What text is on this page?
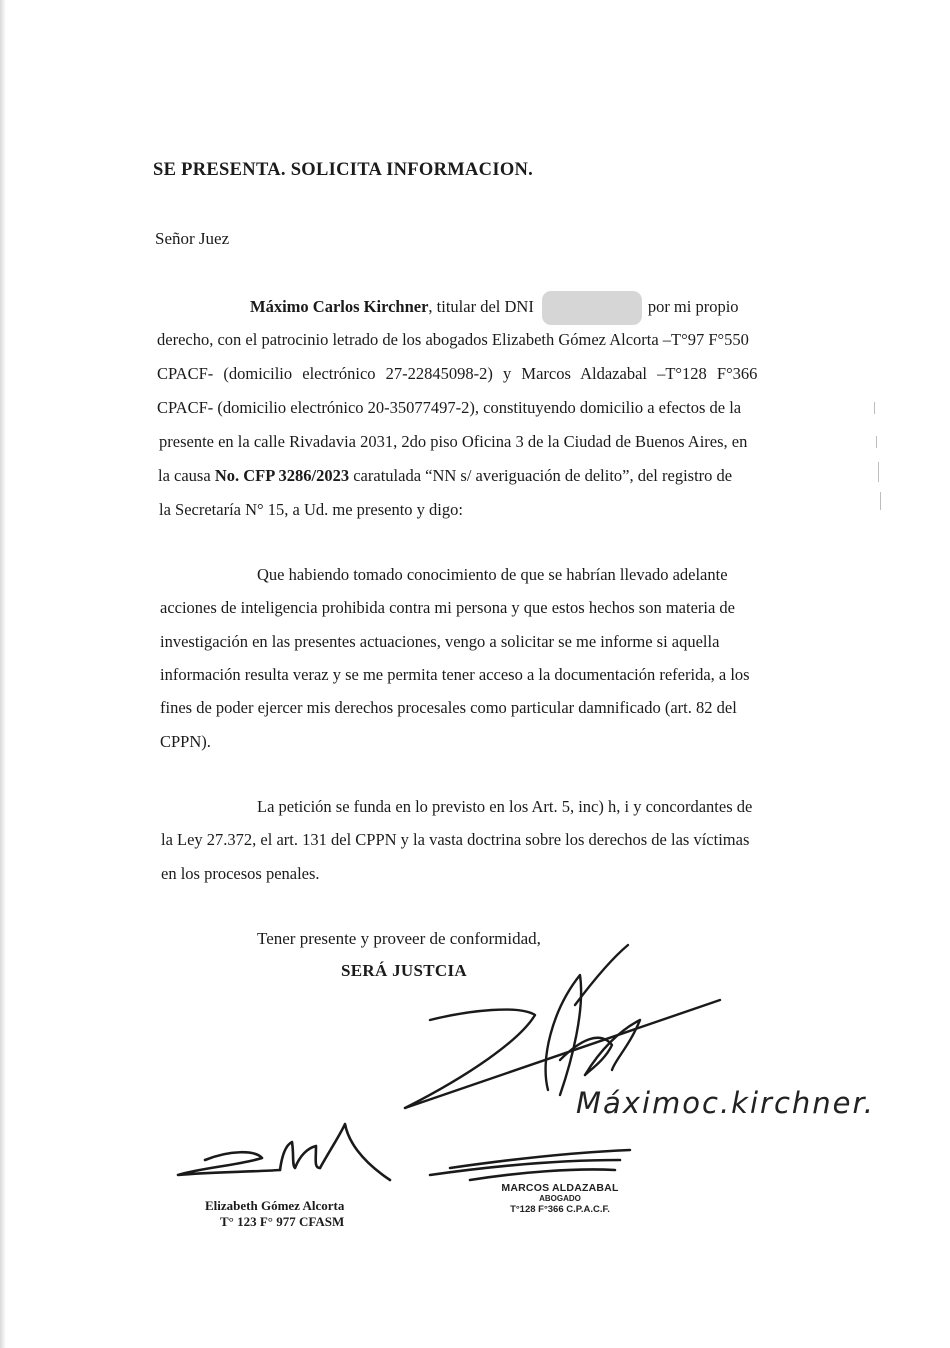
SE PRESENTA. SOLICITA INFORMACION.
Señor Juez
Máximo Carlos Kirchner, titular del DNI	por mi propio
derecho, con el patrocinio letrado de los abogados Elizabeth Gómez Alcorta –T°97 F°550
CPACF- (domicilio electrónico 27-22845098-2) y Marcos Aldazabal –T°128 F°366
CPACF- (domicilio electrónico 20-35077497-2), constituyendo domicilio a efectos de la
presente en la calle Rivadavia 2031, 2do piso Oficina 3 de la Ciudad de Buenos Aires, en
la causa No. CFP 3286/2023 caratulada “NN s/ averiguación de delito”, del registro de
la Secretaría N° 15, a Ud. me presento y digo:
Que habiendo tomado conocimiento de que se habrían llevado adelante
acciones de inteligencia prohibida contra mi persona y que estos hechos son materia de
investigación en las presentes actuaciones, vengo a solicitar se me informe si aquella
información resulta veraz y se me permita tener acceso a la documentación referida, a los
fines de poder ejercer mis derechos procesales como particular damnificado (art. 82 del
CPPN).
La petición se funda en lo previsto en los Art. 5, inc) h, i y concordantes de
la Ley 27.372, el art. 131 del CPPN y la vasta doctrina sobre los derechos de las víctimas
en los procesos penales.
Tener presente y proveer de conformidad,
SERÁ JUSTCIA
Máximoc.kirchner.
Elizabeth Gómez Alcorta
T° 123 F° 977 CFASM
MARCOS ALDAZABAL
ABOGADO
T°128 F°366 C.P.A.C.F.
